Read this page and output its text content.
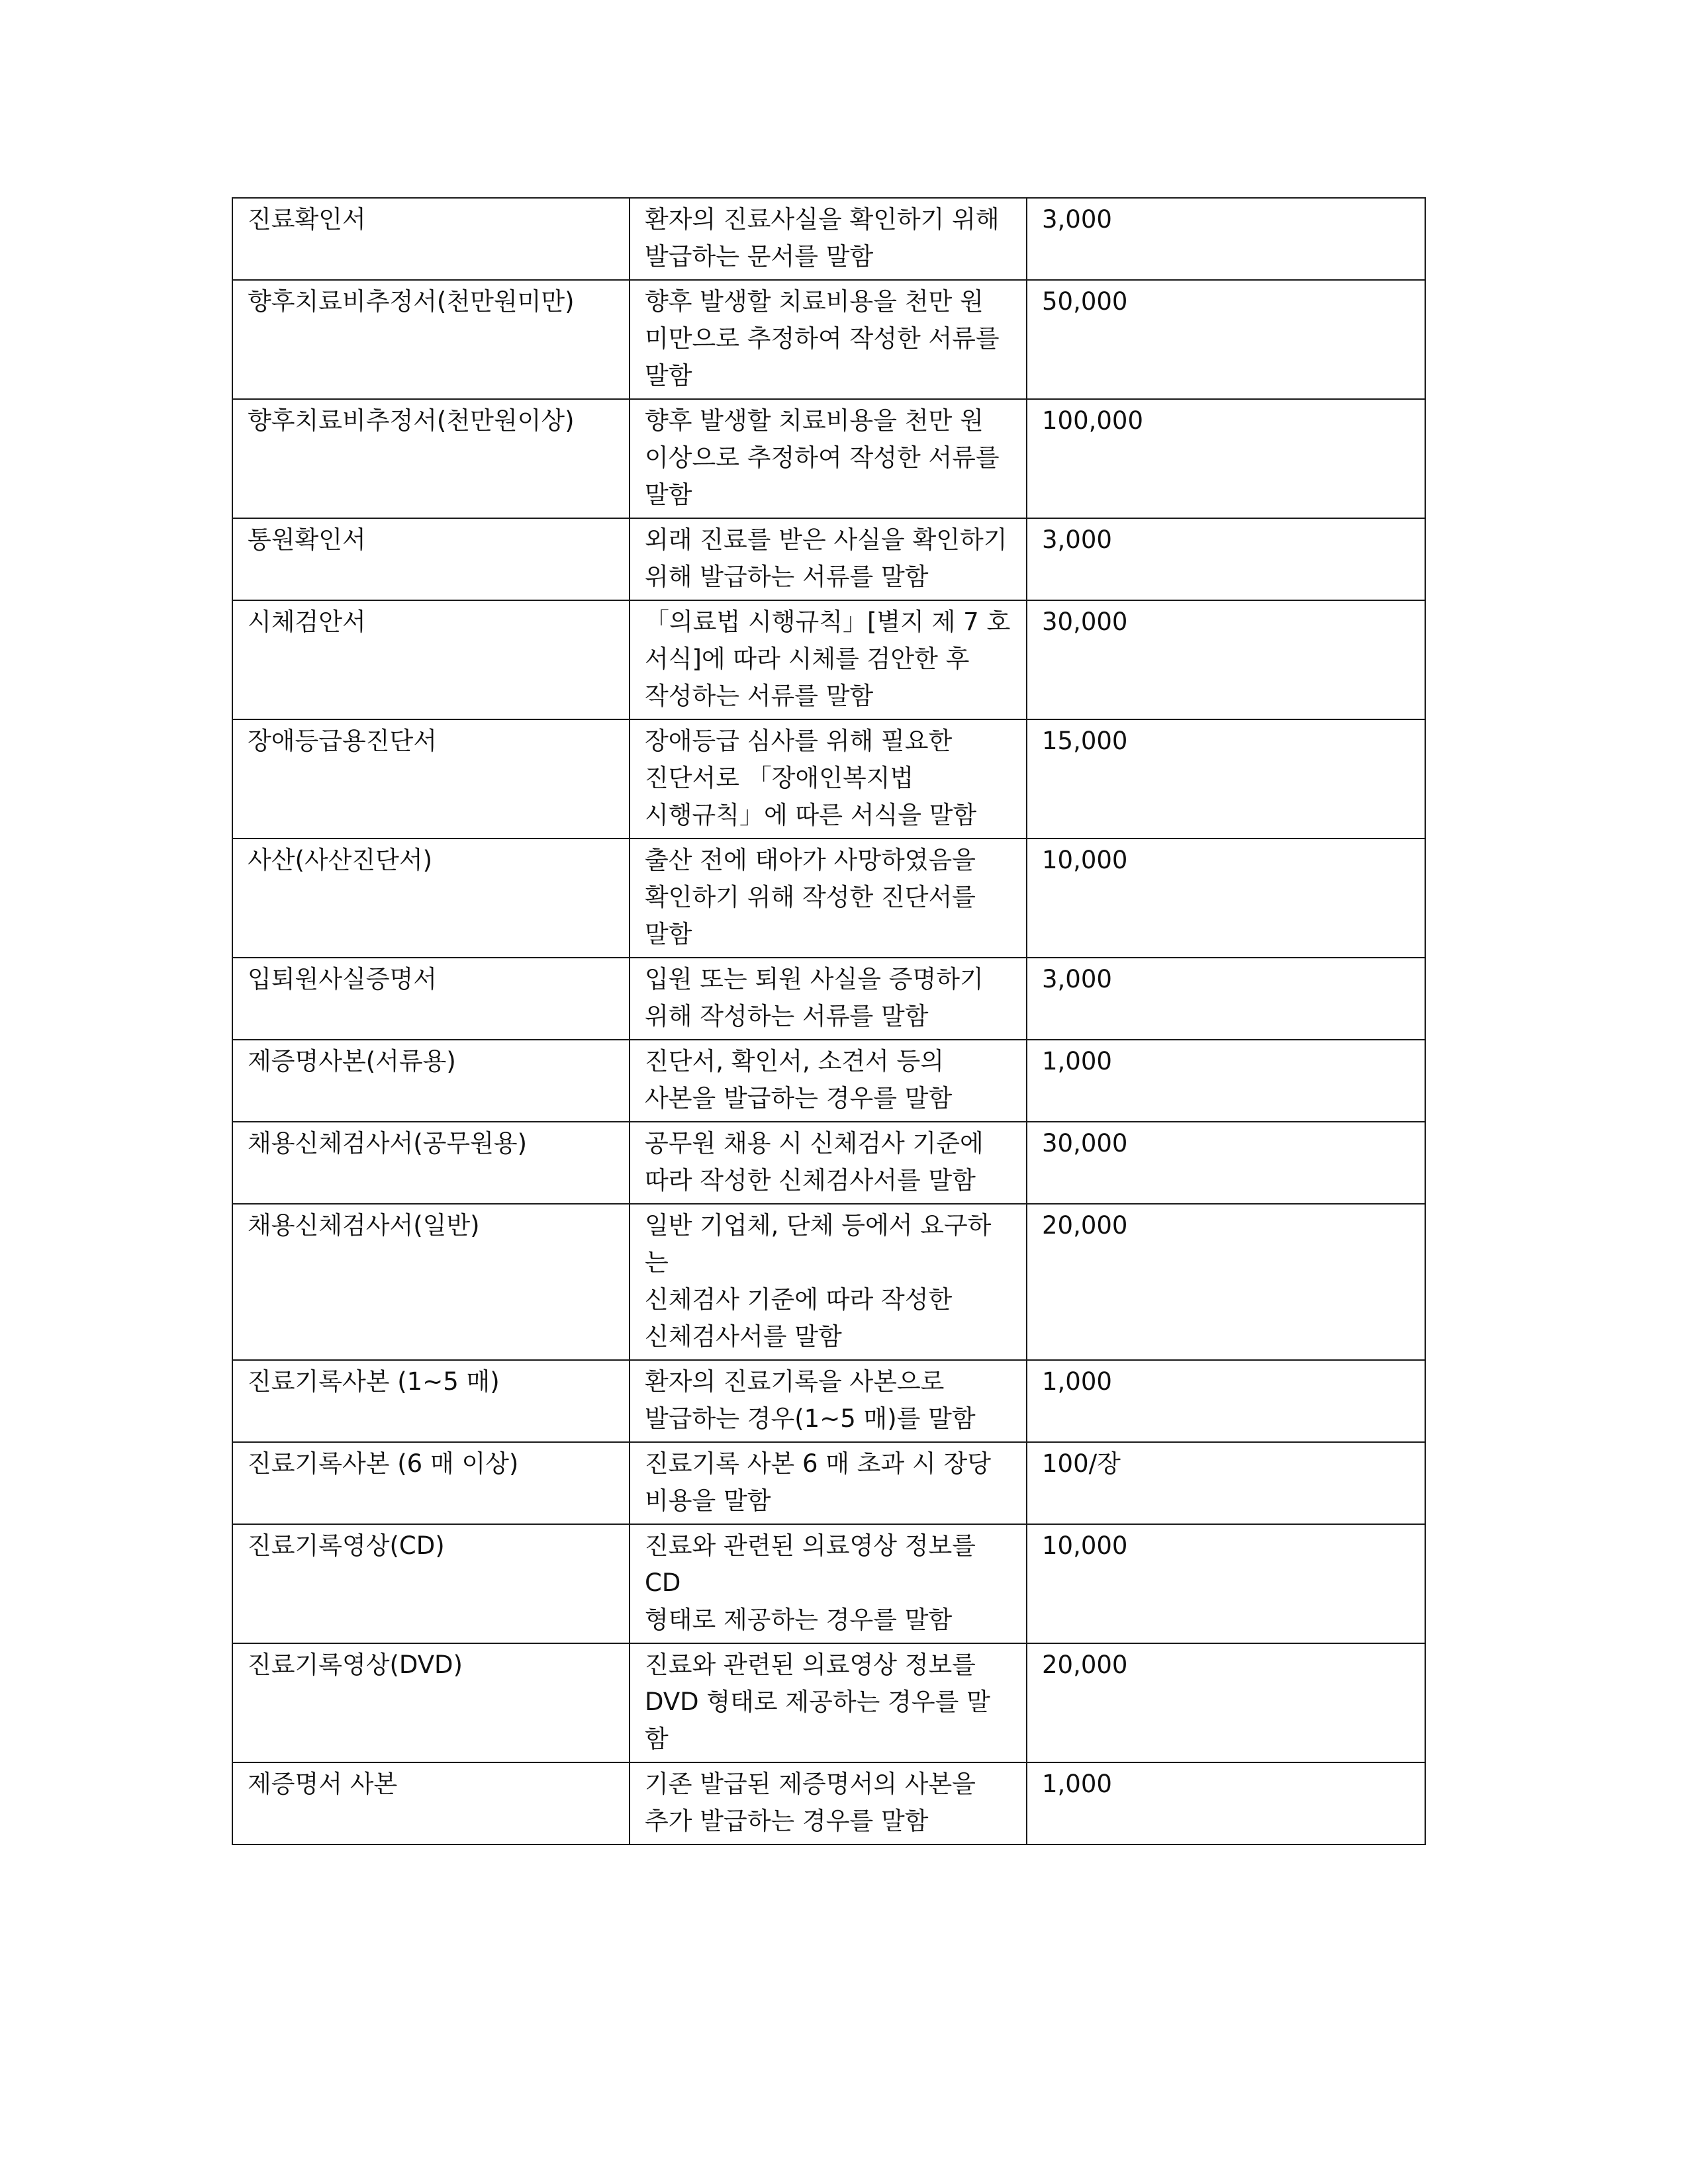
진료확인서	환자의 진료사실을 확인하기 위해
발급하는 문서를 말함	3,000

향후치료비추정서(천만원미만)	향후 발생할 치료비용을 천만 원
미만으로 추정하여 작성한 서류를
말함	50,000

향후치료비추정서(천만원이상)	향후 발생할 치료비용을 천만 원
이상으로 추정하여 작성한 서류를
말함	100,000

통원확인서	외래 진료를 받은 사실을 확인하기
위해 발급하는 서류를 말함	3,000

시체검안서	「의료법 시행규칙」[별지 제 7 호
서식]에 따라 시체를 검안한 후
작성하는 서류를 말함	30,000

장애등급용진단서	장애등급 심사를 위해 필요한
진단서로 「장애인복지법
시행규칙」에 따른 서식을 말함	15,000

사산(사산진단서)	출산 전에 태아가 사망하였음을
확인하기 위해 작성한 진단서를
말함	10,000

입퇴원사실증명서	입원 또는 퇴원 사실을 증명하기
위해 작성하는 서류를 말함	3,000

제증명사본(서류용)	진단서, 확인서, 소견서 등의
사본을 발급하는 경우를 말함	1,000

채용신체검사서(공무원용)	공무원 채용 시 신체검사 기준에
따라 작성한 신체검사서를 말함	30,000

채용신체검사서(일반)	일반 기업체, 단체 등에서 요구하는
신체검사 기준에 따라 작성한
신체검사서를 말함	20,000

진료기록사본 (1~5 매)	환자의 진료기록을 사본으로
발급하는 경우(1~5 매)를 말함	1,000

진료기록사본 (6 매 이상)	진료기록 사본 6 매 초과 시 장당
비용을 말함	100/장

진료기록영상(CD)	진료와 관련된 의료영상 정보를 CD
형태로 제공하는 경우를 말함	10,000

진료기록영상(DVD)	진료와 관련된 의료영상 정보를
DVD 형태로 제공하는 경우를 말함	20,000

제증명서 사본	기존 발급된 제증명서의 사본을
추가 발급하는 경우를 말함	1,000
